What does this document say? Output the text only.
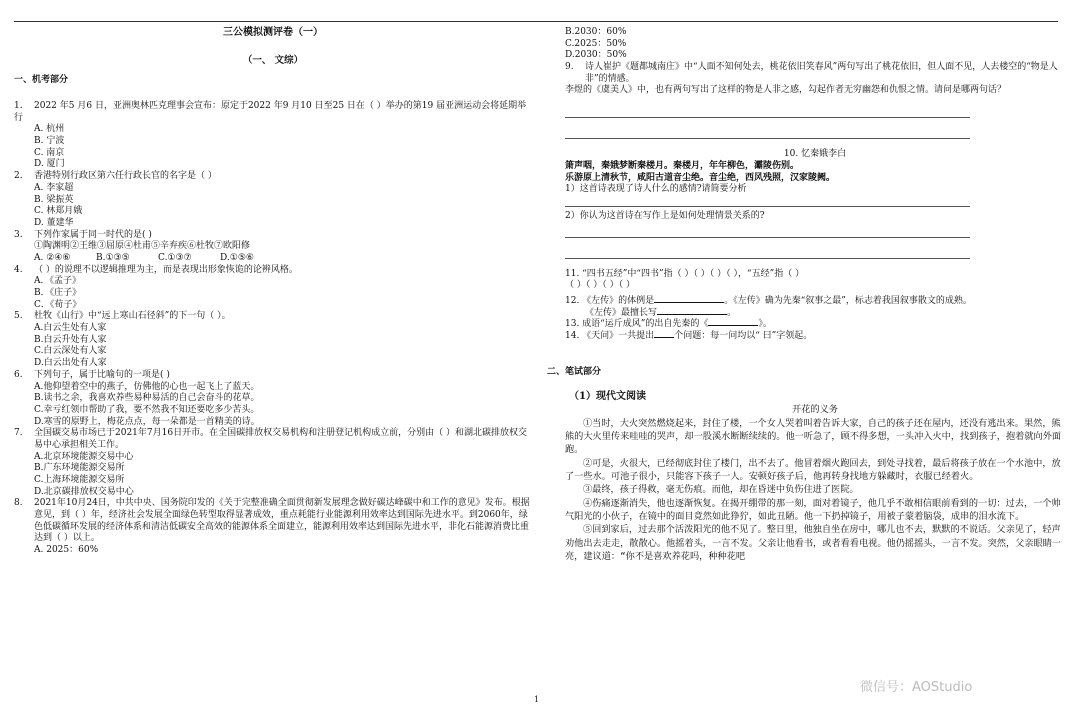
三公模拟测评卷（一）
（一、 文综）
一、机考部分
1. 2022 年5 月6 日，亚洲奥林匹克理事会宣布：原定于2022 年9 月10 日至25 日在（ ）举办的第19 届亚洲运动会将延期举行
A. 杭州
B. 宁波
C. 南京
D. 厦门
2. 香港特别行政区第六任行政长官的名字是（ ）
A. 李家超
B. 梁振英
C. 林郑月娥
D. 董建华
3. 下列作家属于同一时代的是( )
①陶渊明②王维③屈原④杜甫⑤辛弃疾⑥杜牧⑦欧阳修
A. ②④⑥	B.①③⑤	C.①③⑦	D.①⑤⑥
4. （ ）的说理不以逻辑推理为主，而是表现出形象恢诡的论辨风格。
A．《孟子》
B．《庄子》
C．《荀子》
5. 杜牧《山行》中“远上寒山石径斜”的下一句（ ）。
A.白云生处有人家
B.白云升处有人家
C.白云深处有人家
D.白云出处有人家
6. 下列句子，属于比喻句的一项是( )
A.他仰望着空中的燕子，仿佛他的心也一起飞上了蓝天。
B.读书之余，我喜欢养些易种易活的自己会奋斗的花草。
C.幸亏红领巾帮助了我，要不然我不知还要吃多少苦头。
D.寒雪的原野上，梅花点点，每一朵都是一首精美的诗。
7.	全国碳交易市场已于2021年7月16日开市。在全国碳排放权交易机构和注册登记机构成立前，分别由（ ）和湖北碳排放权交易中心承担相关工作。
A.北京环境能源交易中心
B.广东环境能源交易所
C.上海环境能源交易所
D.北京碳排放权交易中心
8.	2021年10月24日，中共中央、国务院印发的《关于完整准确全面贯彻新发展理念做好碳达峰碳中和工作的意见》发布。根据意见，到（ ）年，经济社会发展全面绿色转型取得显著成效，重点耗能行业能源利用效率达到国际先进水平。到2060年，绿色低碳循环发展的经济体系和清洁低碳安全高效的能源体系全面建立，能源利用效率达到国际先进水平，非化石能源消费比重达到（ ）以上。
A. 2025：60%
B.2030：60%
C.2025：50%
D.2030：50%
9.	诗人崔护《题都城南庄》中“人面不知何处去，桃花依旧笑春风”两句写出了桃花依旧，但人面不见，人去楼空的“物是人非”的情感。

李煜的《虞美人》中，也有两句写出了这样的物是人非之感，勾起作者无穷幽怨和仇恨之情。请问是哪两句话？

10. 忆秦娥李白

箫声咽，秦娥梦断秦楼月。秦楼月，年年柳色，灞陵伤别。

乐游原上清秋节，咸阳古道音尘绝。音尘绝，西风残照，汉家陵阙。

1）这首诗表现了诗人什么的感情?请简要分析

2）你认为这首诗在写作上是如何处理情景关系的?

11. “四书五经”中“四书”指（ ）（ ）（ ）（ ），“五经”指（ ）

（ ）（ ）（ ）（ ）

12. 《左传》的体例是	。《左传》确为先秦“叙事之最”，标志着我国叙事散文的成熟。

《左传》最擅长写	。

13. 成语“运斤成风”的出自先秦的《	》。

14. 《天问》一共提出 个问题：每一问均以“ 曰”字领起。

二、笔试部分
（1）现代文阅读
开花的义务

①当时，大火突然燃烧起来，封住了楼，一个女人哭着叫着告诉大家，自己的孩子还在屋内，还没有逃出来。果然，熊熊的大火里传来哇哇的哭声，却一股溪水断断续续的。他一听急了，顾不得多想，一头冲入火中，找到孩子，抱着就向外面跑。

②可是，火很大，已经彻底封住了楼门，出不去了。他冒着烟火跑回去，到处寻找着，最后将孩子放在一个水池中，放了一些水。可池子很小，只能容下孩子一人。安顿好孩子后，他再转身找地方躲藏时，衣服已经着火。

③最终，孩子得救，毫无伤痕。而他，却在昏迷中负伤住进了医院。

④伤痛逐渐消失，他也逐渐恢复。在揭开绷带的那一刻，面对着镜子，他几乎不敢相信眼前看到的一切：过去，一个帅气阳光的小伙子，在镜中的面目竟然如此狰狞，如此丑陋。他一下扔掉镜子，用被子蒙着脑袋，成串的泪水流下。

⑤回到家后，过去那个活泼阳光的他不见了。整日里，他独自坐在房中，哪儿也不去，默默的不说话。父亲见了，轻声劝他出去走走，散散心。他摇着头，一言不发。父亲让他看书，或者看看电视。他仍摇摇头，一言不发。突然，父亲眼睛一亮，建议道：“你不是喜欢养花吗，种种花吧

1
微信号：AOStudio
